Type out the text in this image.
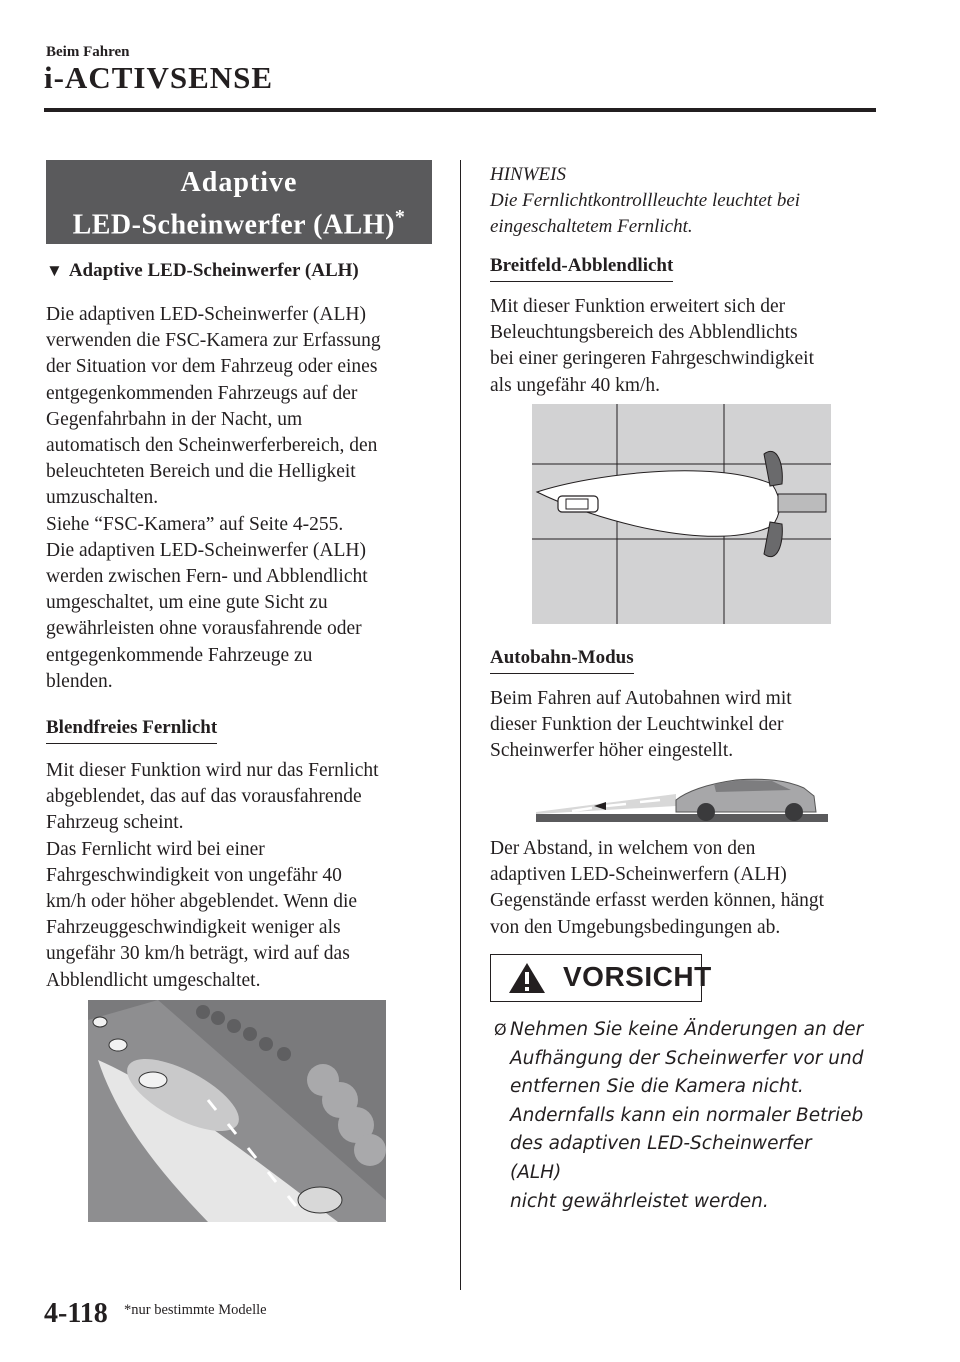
Beim Fahren
i-ACTIVSENSE
Adaptive
LED-Scheinwerfer (ALH)*
▼ Adaptive LED-Scheinwerfer (ALH)
Die adaptiven LED-Scheinwerfer (ALH)
verwenden die FSC-Kamera zur Erfassung
der Situation vor dem Fahrzeug oder eines
entgegenkommenden Fahrzeugs auf der
Gegenfahrbahn in der Nacht, um
automatisch den Scheinwerferbereich, den
beleuchteten Bereich und die Helligkeit
umzuschalten.
Siehe “FSC-Kamera” auf Seite 4-255.
Die adaptiven LED-Scheinwerfer (ALH)
werden zwischen Fern- und Abblendlicht
umgeschaltet, um eine gute Sicht zu
gewährleisten ohne vorausfahrende oder
entgegenkommende Fahrzeuge zu
blenden.
Blendfreies Fernlicht
Mit dieser Funktion wird nur das Fernlicht
abgeblendet, das auf das vorausfahrende
Fahrzeug scheint.
Das Fernlicht wird bei einer
Fahrgeschwindigkeit von ungefähr 40
km/h oder höher abgeblendet. Wenn die
Fahrzeuggeschwindigkeit weniger als
ungefähr 30 km/h beträgt, wird auf das
Abblendlicht umgeschaltet.
HINWEIS
Die Fernlichtkontrollleuchte leuchtet bei
eingeschaltetem Fernlicht.
Breitfeld-Abblendlicht
Mit dieser Funktion erweitert sich der
Beleuchtungsbereich des Abblendlichts
bei einer geringeren Fahrgeschwindigkeit
als ungefähr 40 km/h.
Autobahn-Modus
Beim Fahren auf Autobahnen wird mit
dieser Funktion der Leuchtwinkel der
Scheinwerfer höher eingestellt.
Der Abstand, in welchem von den
adaptiven LED-Scheinwerfern (ALH)
Gegenstände erfasst werden können, hängt
von den Umgebungsbedingungen ab.
VORSICHT
Ø Nehmen Sie keine Änderungen an der
Aufhängung der Scheinwerfer vor und
entfernen Sie die Kamera nicht.
Andernfalls kann ein normaler Betrieb
des adaptiven LED-Scheinwerfer (ALH)
nicht gewährleistet werden.
4-118 *nur bestimmte Modelle
